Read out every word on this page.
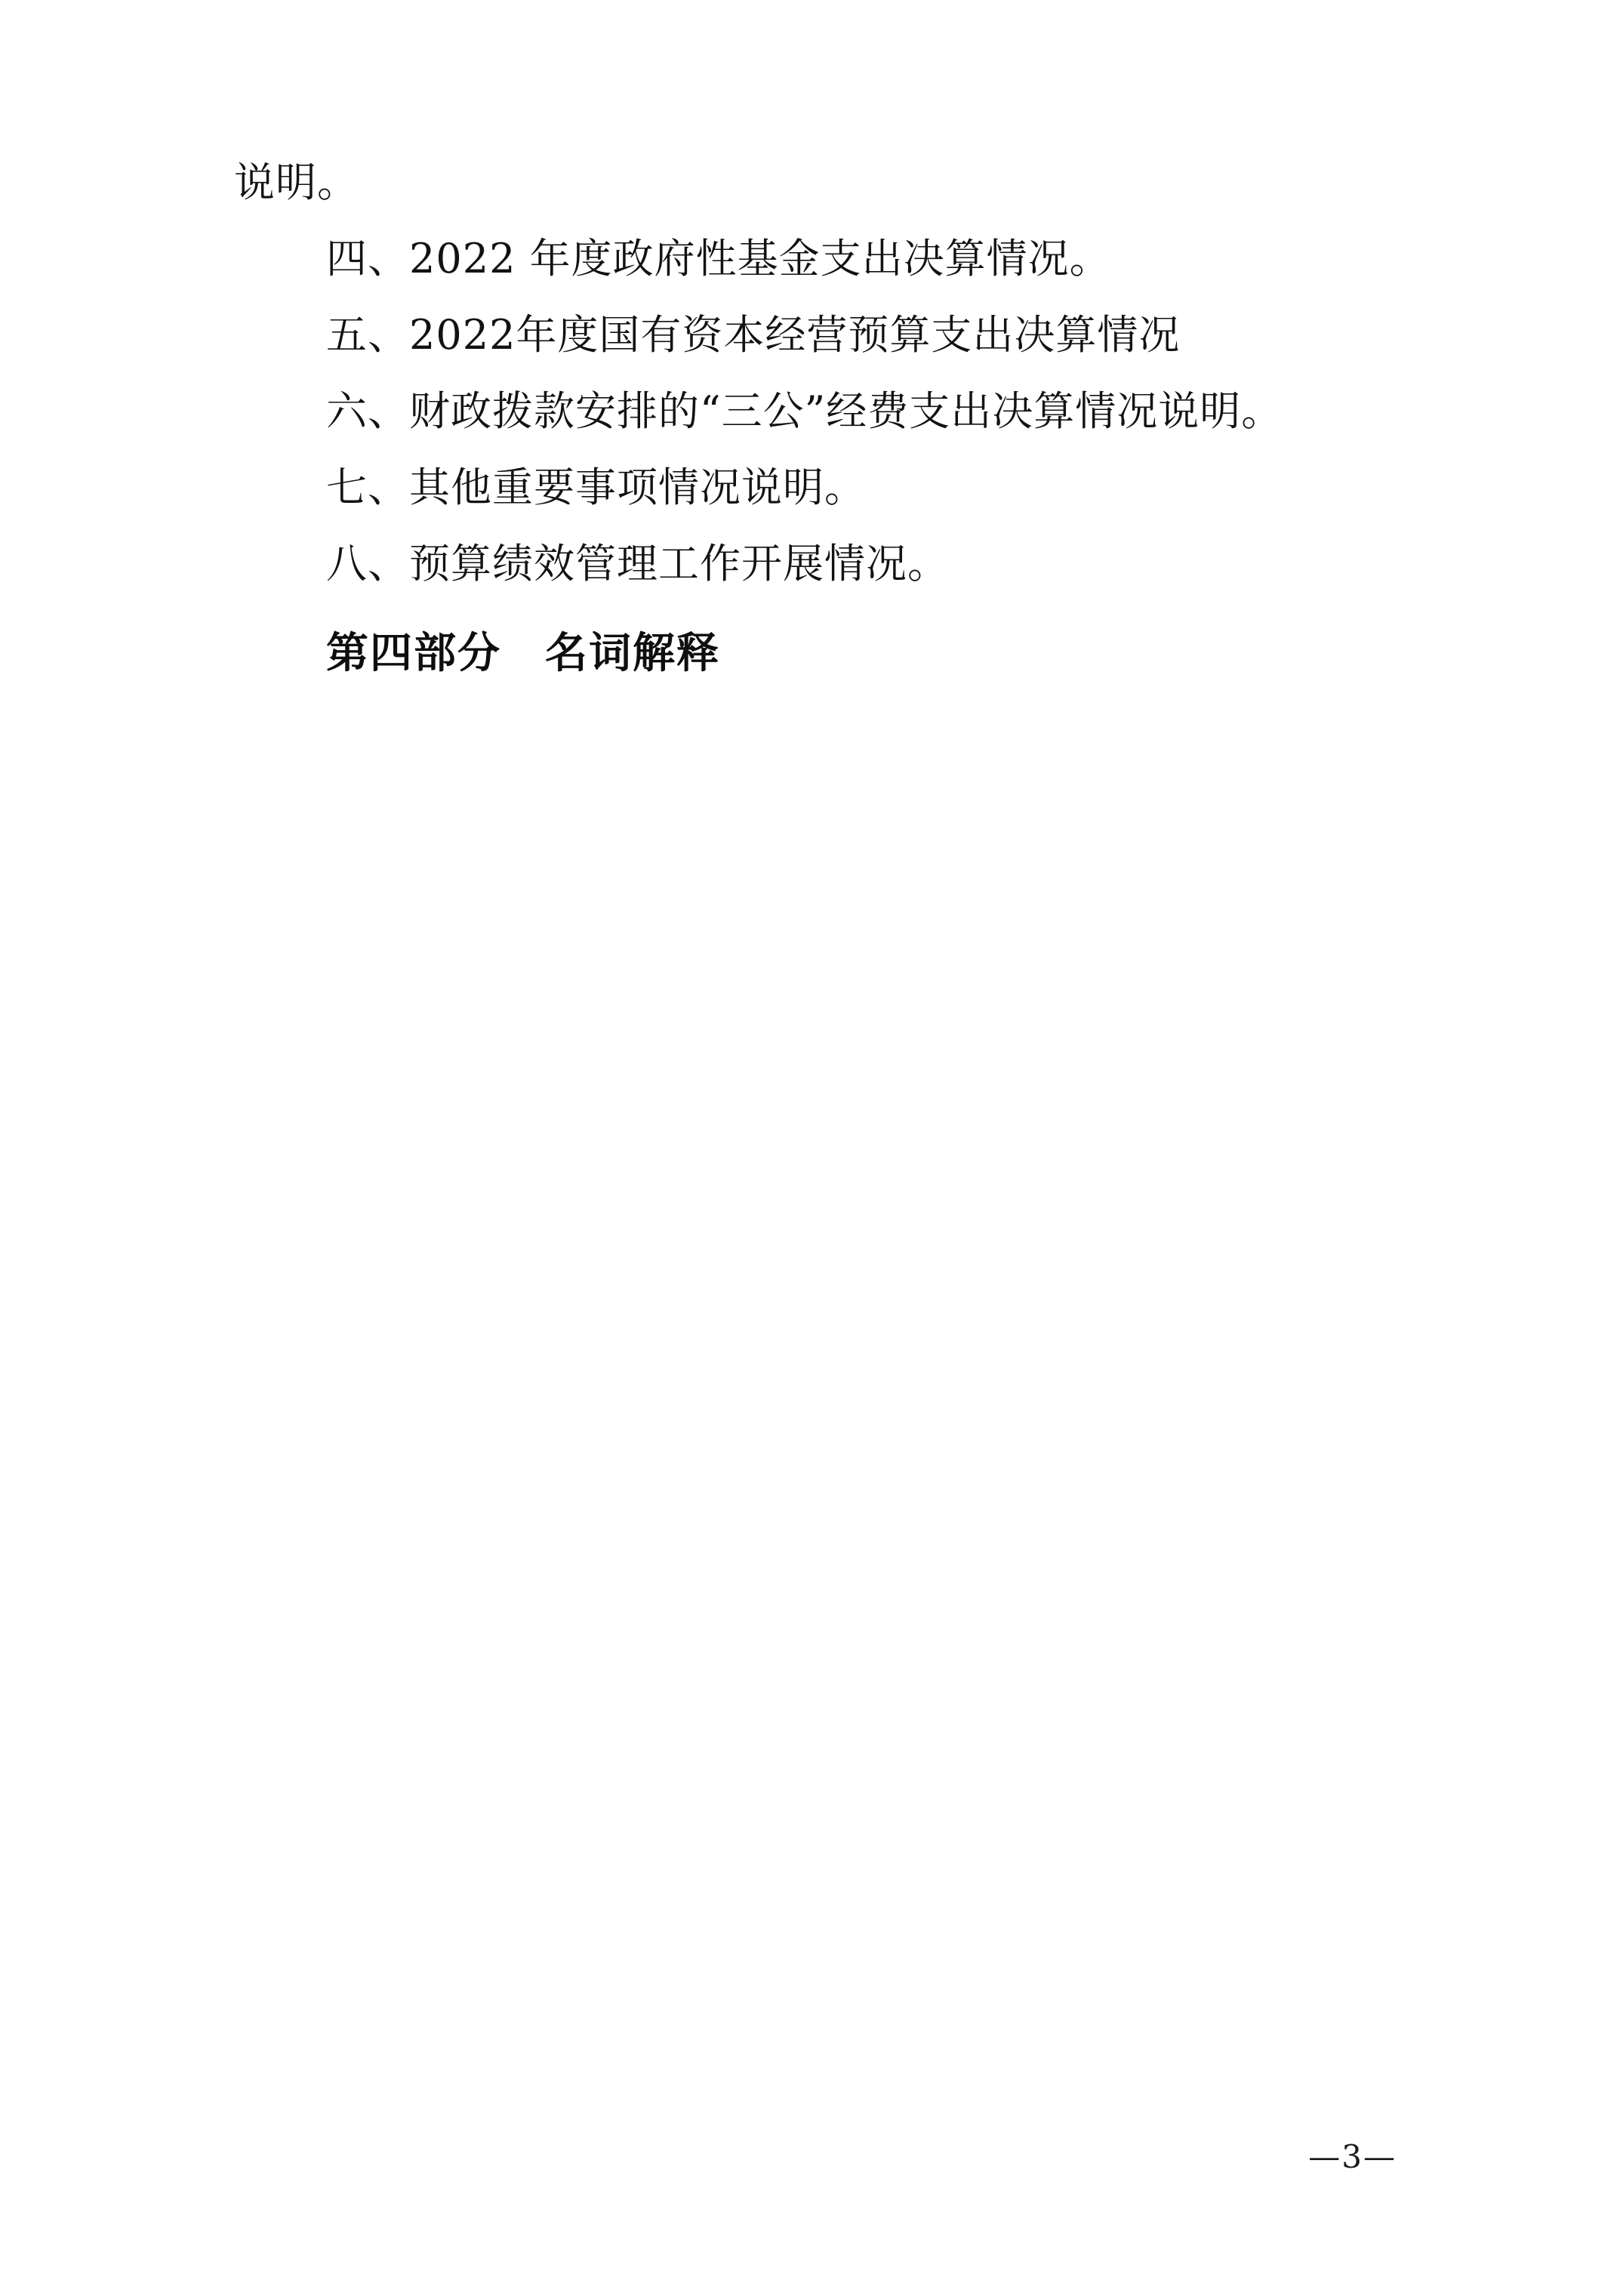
说明。
四、2022 年度政府性基金支出决算情况。
五、2022年度国有资本经营预算支出决算情况
六、财政拨款安排的“三公”经费支出决算情况说明。
七、其他重要事项情况说明。
八、预算绩效管理工作开展情况。
第四部分　名词解释
—3—
